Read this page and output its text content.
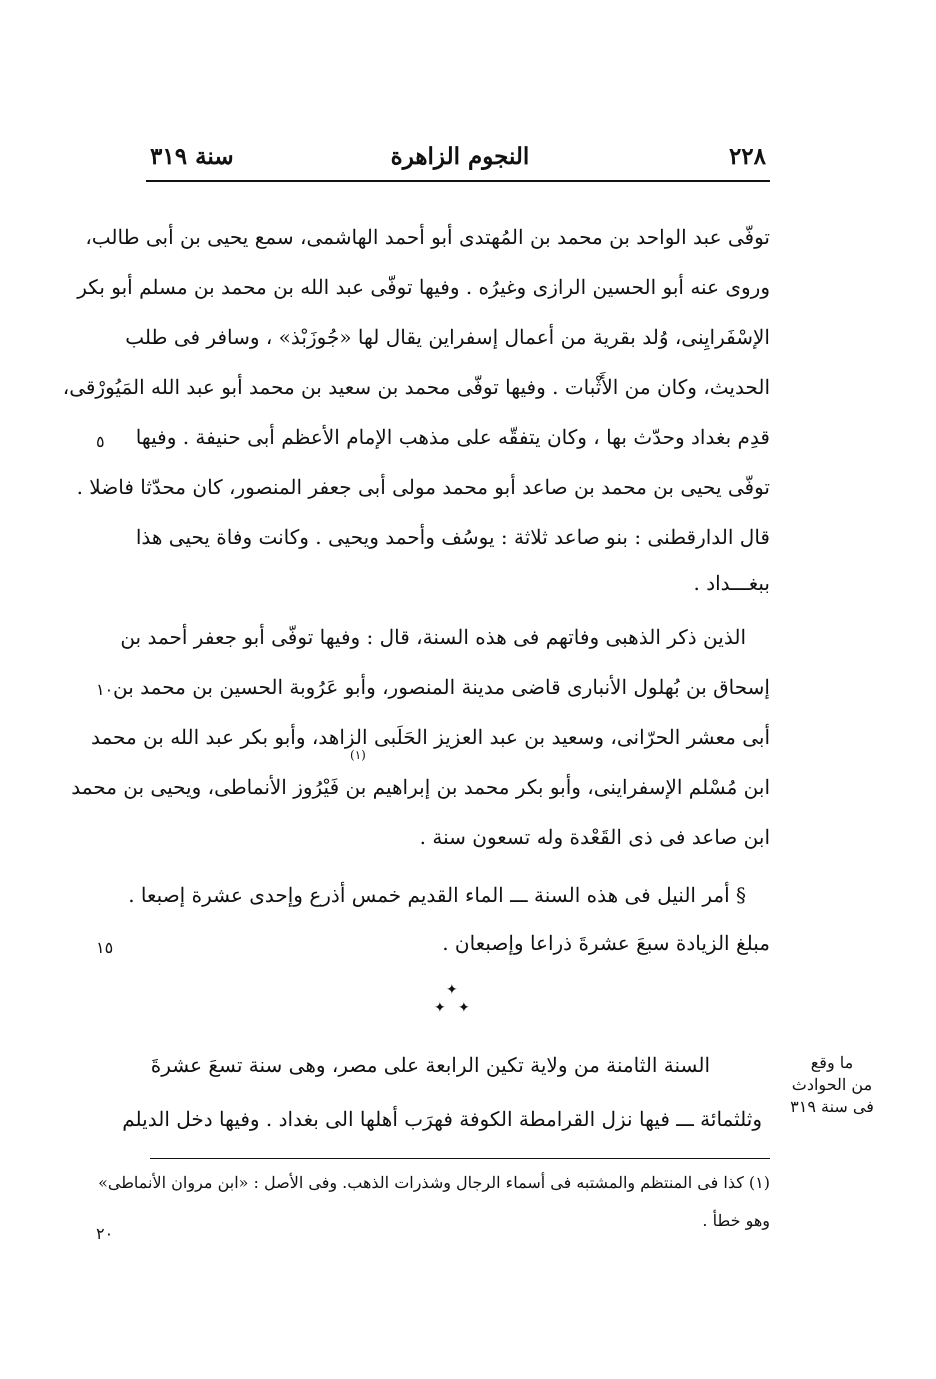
٢٢٨
النجوم الزاهرة
سنة ٣١٩
توفّى عبد الواحد بن محمد بن المُهتدى أبو أحمد الهاشمى، سمع يحيى بن أبى طالب،
وروى عنه أبو الحسين الرازى وغيرُه . وفيها توفّى عبد الله بن محمد بن مسلم أبو بكر
الإسْفَرايِنى، وُلد بقرية من أعمال إسفراين يقال لها «جُوزَبْذ» ، وسافر فى طلب
الحديث، وكان من الأَثْبات . وفيها توفّى محمد بن سعيد بن محمد أبو عبد الله المَيُورْقى،
قدِم بغداد وحدّث بها ، وكان يتفقّه على مذهب الإمام الأعظم أبى حنيفة . وفيها
توفّى يحيى بن محمد بن صاعد أبو محمد مولى أبى جعفر المنصور، كان محدّثا فاضلا .
قال الدارقطنى : بنو صاعد ثلاثة : يوسُف وأحمد ويحيى . وكانت وفاة يحيى هذا
ببغـــداد .
الذين ذكر الذهبى وفاتهم فى هذه السنة، قال : وفيها توفّى أبو جعفر أحمد بن
إسحاق بن بُهلول الأنبارى قاضى مدينة المنصور، وأبو عَرُوبة الحسين بن محمد بن
أبى معشر الحرّانى، وسعيد بن عبد العزيز الحَلَبى الزاهد، وأبو بكر عبد الله بن محمد
ابن مُسْلم الإسفراينى، وأبو بكر محمد بن إبراهيم بن فَيْرُوز الأنماطى، ويحيى بن محمد
ابن صاعد فى ذى القَعْدة وله تسعون سنة .
(١)
§ أمر النيل فى هذه السنة ـــ الماء القديم خمس أذرع وإحدى عشرة إصبعا .
مبلغ الزيادة سبعَ عشرةَ ذراعا وإصبعان .
٥
١٠
١٥
٢٠
✦
✦ ✦
السنة الثامنة من ولاية تكين الرابعة على مصر، وهى سنة تسعَ عشرةَ
وثلثمائة ـــ فيها نزل القرامطة الكوفة فهرَب أهلها الى بغداد . وفيها دخل الديلم
ما وقع
من الحوادث
فى سنة ٣١٩
(١) كذا فى المنتظم والمشتبه فى أسماء الرجال وشذرات الذهب. وفى الأصل : «ابن مروان الأنماطى»
وهو خطأ .
